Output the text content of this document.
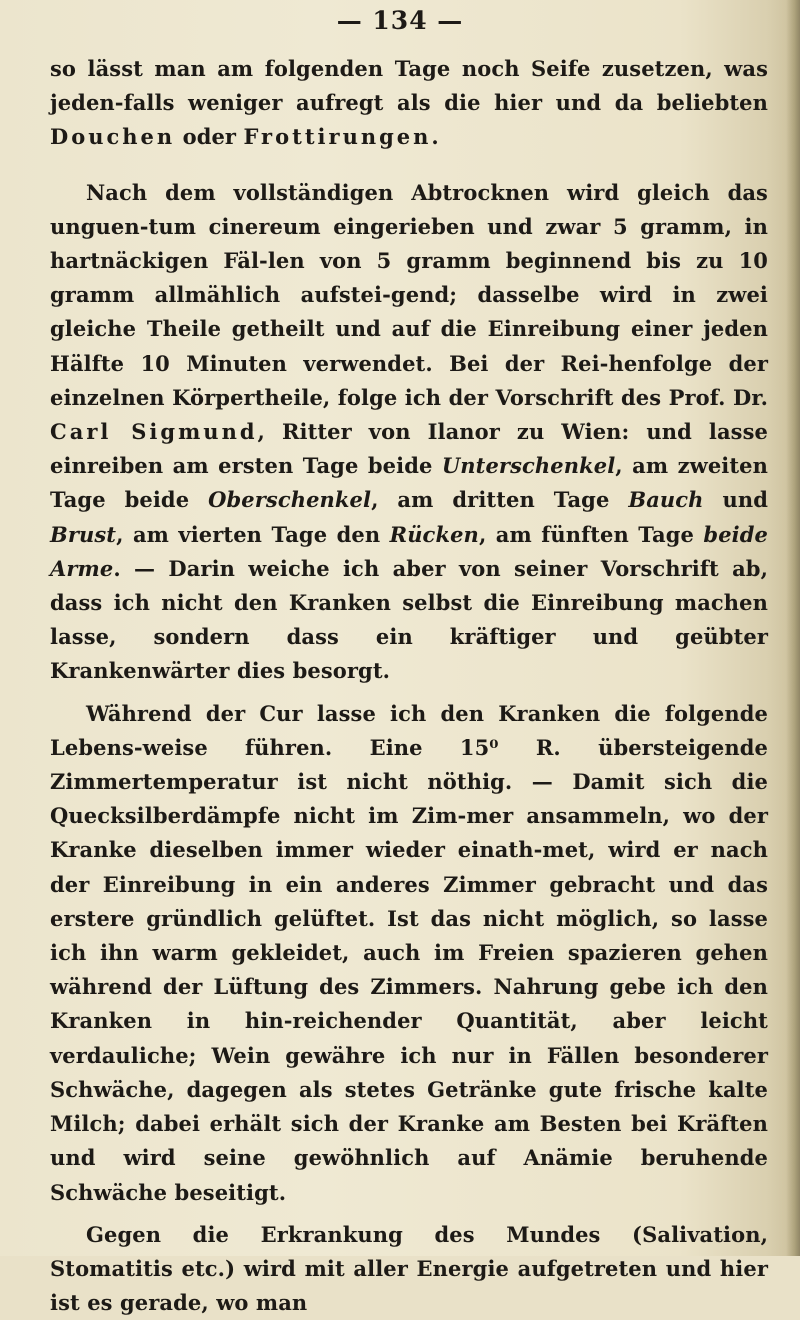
— 134 —

so lässt man am folgenden Tage noch Seife zusetzen, was jeden-falls weniger aufregt als die hier und da beliebten Douchen oder Frottirungen.

Nach dem vollständigen Abtrocknen wird gleich das unguen-tum cinereum eingerieben und zwar 5 gramm, in hartnäckigen Fäl-len von 5 gramm beginnend bis zu 10 gramm allmählich aufstei-gend; dasselbe wird in zwei gleiche Theile getheilt und auf die Einreibung einer jeden Hälfte 10 Minuten verwendet. Bei der Rei-henfolge der einzelnen Körpertheile, folge ich der Vorschrift des Prof. Dr. Carl Sigmund, Ritter von Ilanor zu Wien: und lasse einreiben am ersten Tage beide Unterschenkel, am zweiten Tage beide Oberschenkel, am dritten Tage Bauch und Brust, am vierten Tage den Rücken, am fünften Tage beide Arme. — Darin weiche ich aber von seiner Vorschrift ab, dass ich nicht den Kranken selbst die Einreibung machen lasse, sondern dass ein kräftiger und geübter Krankenwärter dies besorgt.

Während der Cur lasse ich den Kranken die folgende Lebens-weise führen. Eine 15⁰ R. übersteigende Zimmertemperatur ist nicht nöthig. — Damit sich die Quecksilberdämpfe nicht im Zim-mer ansammeln, wo der Kranke dieselben immer wieder einath-met, wird er nach der Einreibung in ein anderes Zimmer gebracht und das erstere gründlich gelüftet. Ist das nicht möglich, so lasse ich ihn warm gekleidet, auch im Freien spazieren gehen während der Lüftung des Zimmers. Nahrung gebe ich den Kranken in hin-reichender Quantität, aber leicht verdauliche; Wein gewähre ich nur in Fällen besonderer Schwäche, dagegen als stetes Getränke gute frische kalte Milch; dabei erhält sich der Kranke am Besten bei Kräften und wird seine gewöhnlich auf Anämie beruhende Schwäche beseitigt.

Gegen die Erkrankung des Mundes (Salivation, Stomatitis etc.) wird mit aller Energie aufgetreten und hier ist es gerade, wo man
